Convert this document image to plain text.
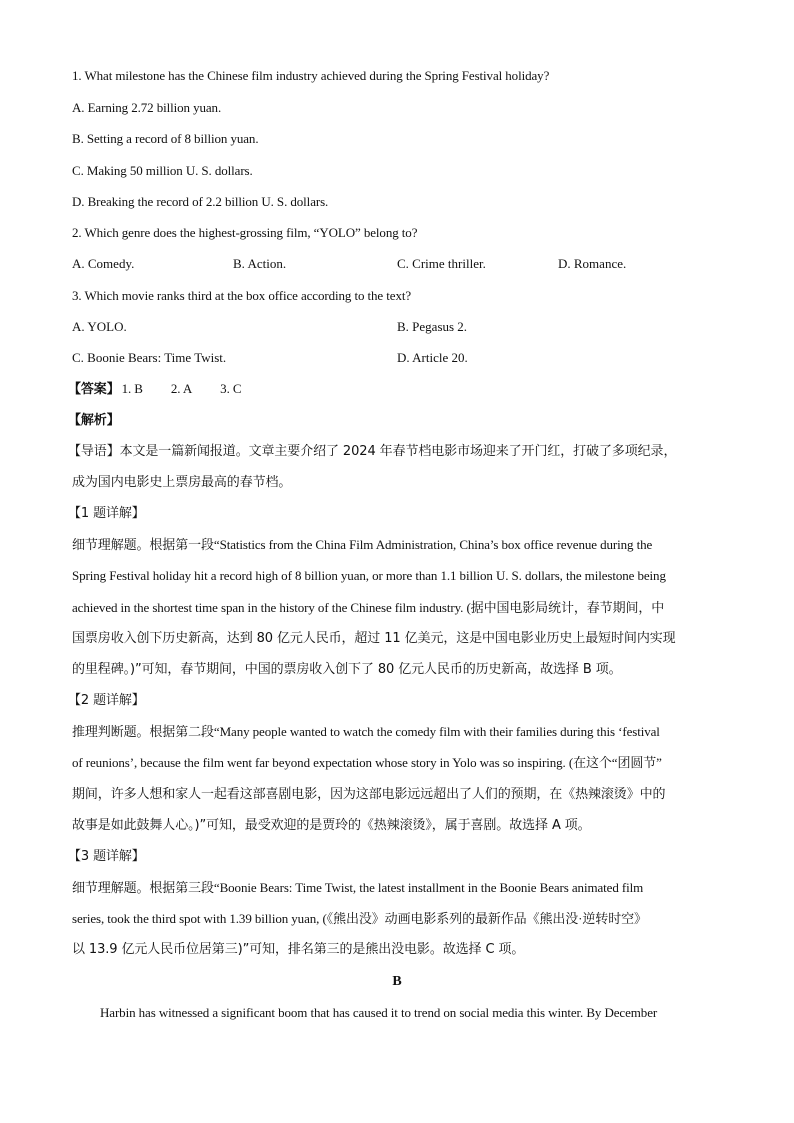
1. What milestone has the Chinese film industry achieved during the Spring Festival holiday?
A. Earning 2.72 billion yuan.
B. Setting a record of 8 billion yuan.
C. Making 50 million U. S. dollars.
D. Breaking the record of 2.2 billion U. S. dollars.
2. Which genre does the highest-grossing film, “YOLO” belong to?
A. Comedy.	B. Action.	C. Crime thriller.	D. Romance.
3. Which movie ranks third at the box office according to the text?
A. YOLO.	B. Pegasus 2.
C. Boonie Bears: Time Twist.	D. Article 20.
【答案】 1. B 2. A 3. C
【解析】
【导语】本文是一篇新闻报道。文章主要介绍了 2024 年春节档电影市场迎来了开门红，打破了多项纪录，
成为国内电影史上票房最高的春节档。
【1 题详解】
细节理解题。根据第一段“Statistics from the China Film Administration, China’s box office revenue during the
Spring Festival holiday hit a record high of 8 billion yuan, or more than 1.1 billion U. S. dollars, the milestone being
achieved in the shortest time span in the history of the Chinese film industry. (据中国电影局统计，春节期间，中
国票房收入创下历史新高，达到 80 亿元人民币，超过 11 亿美元，这是中国电影业历史上最短时间内实现
的里程碑。)”可知，春节期间，中国的票房收入创下了 80 亿元人民币的历史新高，故选择 B 项。
【2 题详解】
推理判断题。根据第二段“Many people wanted to watch the comedy film with their families during this ‘festival
of reunions’, because the film went far beyond expectation whose story in Yolo was so inspiring. (在这个“团圆节”
期间，许多人想和家人一起看这部喜剧电影，因为这部电影远远超出了人们的预期，在《热辣滚烫》中的
故事是如此鼓舞人心。)”可知，最受欢迎的是贾玲的《热辣滚烫》，属于喜剧。故选择 A 项。
【3 题详解】
细节理解题。根据第三段“Boonie Bears: Time Twist, the latest installment in the Boonie Bears animated film
series, took the third spot with 1.39 billion yuan, (《熊出没》动画电影系列的最新作品《熊出没·逆转时空》
以 13.9 亿元人民币位居第三)”可知，排名第三的是熊出没电影。故选择 C 项。
B
Harbin has witnessed a significant boom that has caused it to trend on social media this winter. By December
